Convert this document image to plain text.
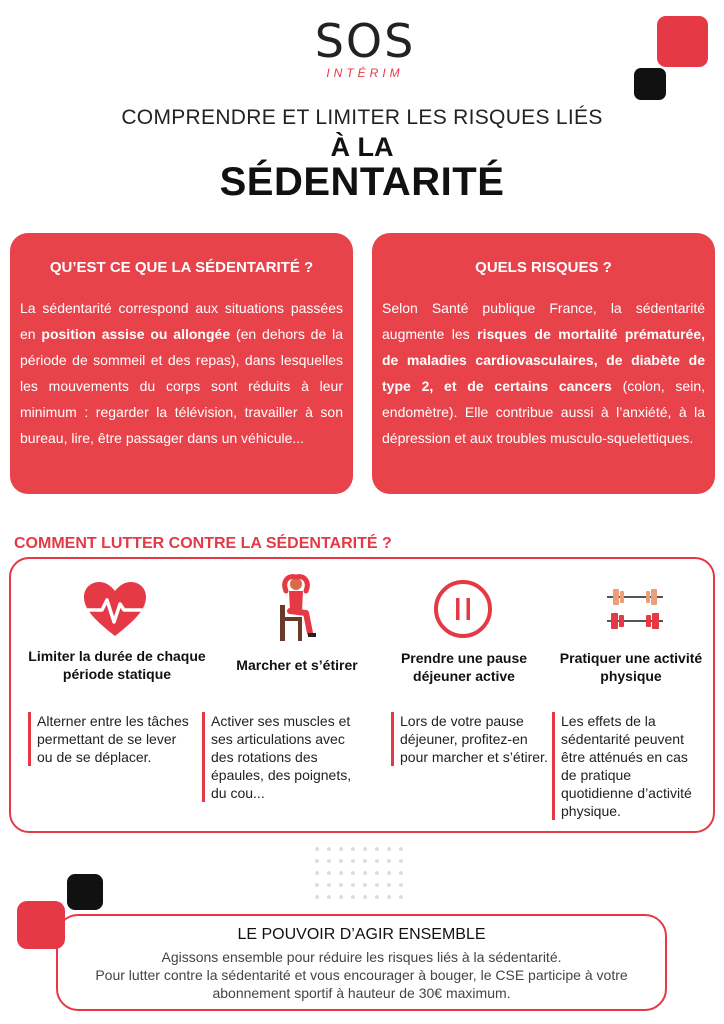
SOS
INTÉRIM
COMPRENDRE ET LIMITER LES RISQUES LIÉS
À LA
SÉDENTARITÉ
QU’EST CE QUE LA SÉDENTARITÉ ?

La sédentarité correspond aux situations passées en position assise ou allongée (en dehors de la période de sommeil et des repas), dans lesquelles les mouvements du corps sont réduits à leur minimum : regarder la télévision, travailler à son bureau, lire, être passager dans un véhicule...

QUELS RISQUES ?

Selon Santé publique France, la sédentarité augmente les risques de mortalité prématurée, de maladies cardiovasculaires, de diabète de type 2, et de certains cancers (colon, sein, endomètre). Elle contribue aussi à l’anxiété, à la dépression et aux troubles musculo-squelettiques.

COMMENT LUTTER CONTRE LA SÉDENTARITÉ ?
Limiter la durée de chaque période statique
Alterner entre les tâches permettant de se lever ou de se déplacer.
Marcher et s’étirer
Activer ses muscles et ses articulations avec des rotations des épaules, des poignets, du cou...
Prendre une pause déjeuner active
Lors de votre pause déjeuner, profitez-en pour marcher et s’étirer.
Pratiquer une activité physique
Les effets de la sédentarité peuvent être atténués en cas de pratique quotidienne d’activité physique.
LE POUVOIR D’AGIR ENSEMBLE
Agissons ensemble pour réduire les risques liés à la sédentarité.
Pour lutter contre la sédentarité et vous encourager à bouger, le CSE participe à votre
abonnement sportif à hauteur de 30€ maximum.
